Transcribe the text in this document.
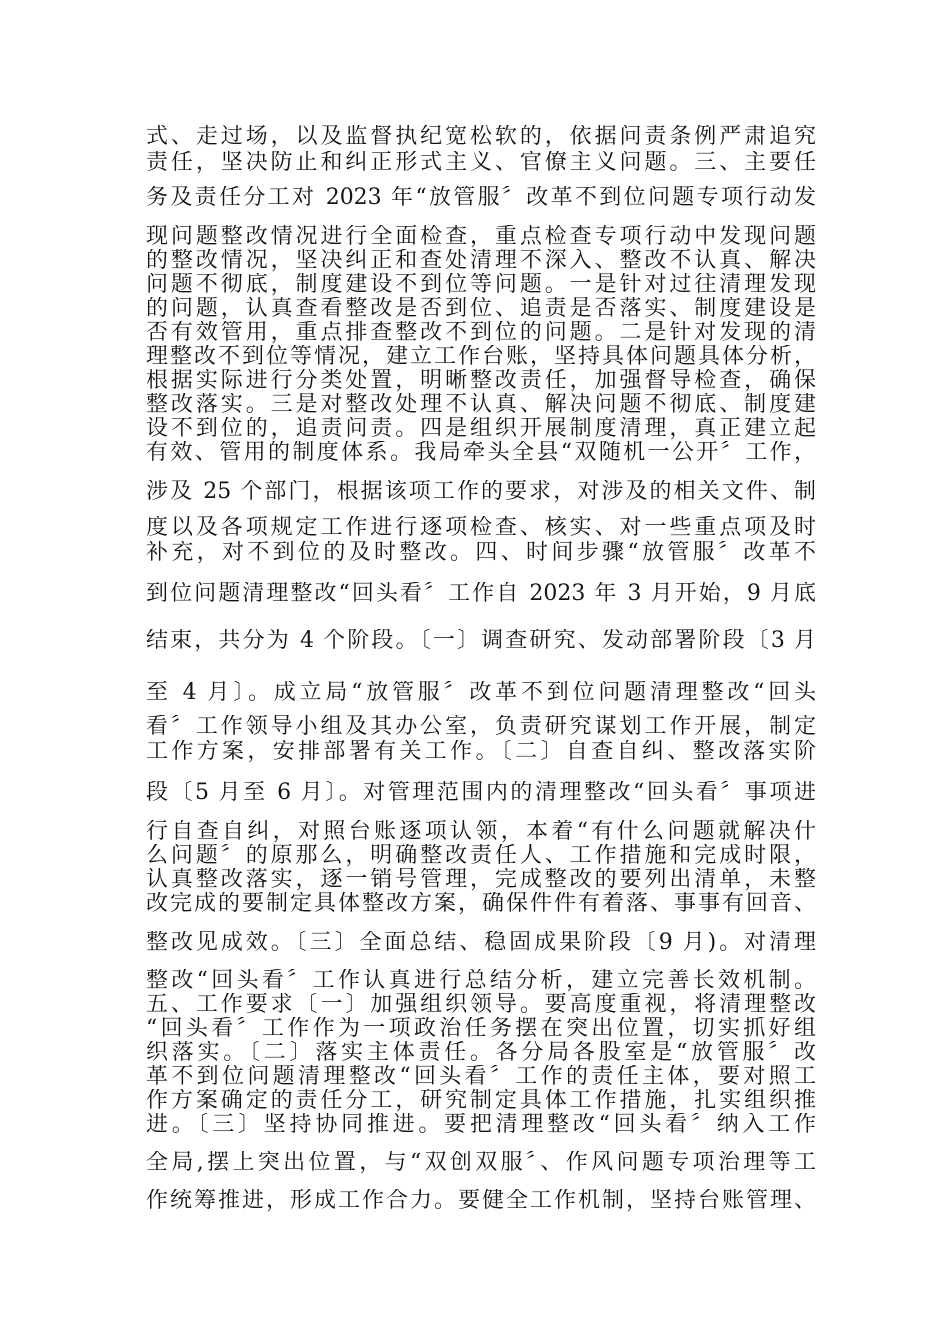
式、走过场，以及监督执纪宽松软的，依据问责条例严肃追究
责任，坚决防止和纠正形式主义、官僚主义问题。三、主要任
务及责任分工对 2023 年“放管服〞改革不到位问题专项行动发
现问题整改情况进行全面检查，重点检查专项行动中发现问题
的整改情况，坚决纠正和查处清理不深入、整改不认真、解决
问题不彻底，制度建设不到位等问题。一是针对过往清理发现
的问题，认真查看整改是否到位、追责是否落实、制度建设是
否有效管用，重点排查整改不到位的问题。二是针对发现的清
理整改不到位等情况，建立工作台账，坚持具体问题具体分析，
根据实际进行分类处置，明晰整改责任，加强督导检查，确保
整改落实。三是对整改处理不认真、解决问题不彻底、制度建
设不到位的，追责问责。四是组织开展制度清理，真正建立起
有效、管用的制度体系。我局牵头全县“双随机一公开〞工作，
涉及 25 个部门，根据该项工作的要求，对涉及的相关文件、制
度以及各项规定工作进行逐项检查、核实、对一些重点项及时
补充，对不到位的及时整改。四、时间步骤“放管服〞改革不
到位问题清理整改“回头看〞工作自 2023 年 3 月开始，9 月底
结束，共分为 4 个阶段。〔一〕调查研究、发动部署阶段〔3 月
至 4 月〕。成立局“放管服〞改革不到位问题清理整改“回头
看〞工作领导小组及其办公室，负责研究谋划工作开展，制定
工作方案，安排部署有关工作。〔二〕自查自纠、整改落实阶
段〔5 月至 6 月〕。对管理范围内的清理整改“回头看〞事项进
行自查自纠，对照台账逐项认领，本着“有什么问题就解决什
么问题〞的原那么，明确整改责任人、工作措施和完成时限，
认真整改落实，逐一销号管理，完成整改的要列出清单，未整
改完成的要制定具体整改方案，确保件件有着落、事事有回音、
整改见成效。〔三〕全面总结、稳固成果阶段〔9 月)。对清理
整改“回头看〞工作认真进行总结分析，建立完善长效机制。
五、工作要求〔一〕加强组织领导。要高度重视，将清理整改
“回头看〞工作作为一项政治任务摆在突出位置，切实抓好组
织落实。〔二〕落实主体责任。各分局各股室是“放管服〞改
革不到位问题清理整改“回头看〞工作的责任主体，要对照工
作方案确定的责任分工，研究制定具体工作措施，扎实组织推
进。〔三〕坚持协同推进。要把清理整改“回头看〞纳入工作
全局,摆上突出位置，与“双创双服〞、作风问题专项治理等工
作统筹推进，形成工作合力。要健全工作机制，坚持台账管理、
